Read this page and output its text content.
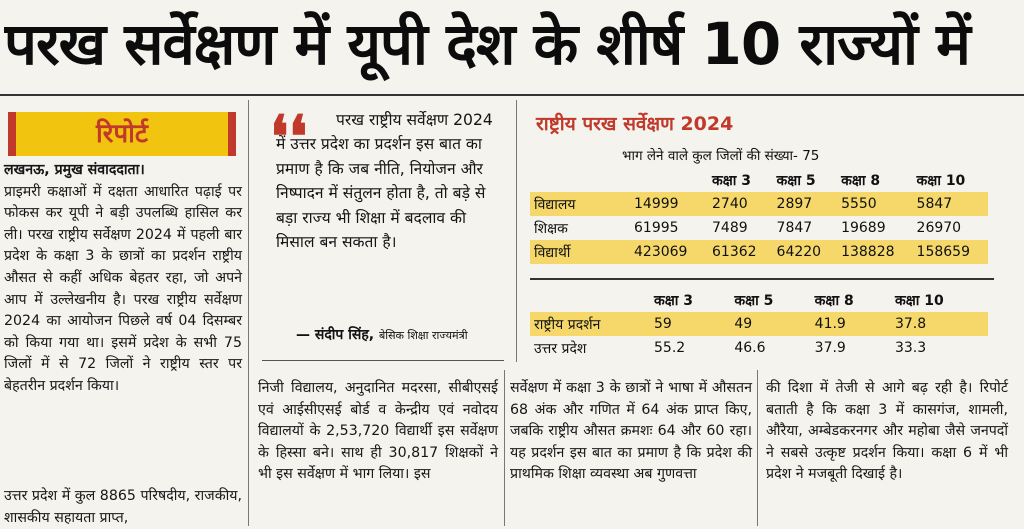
परख सर्वेक्षण में यूपी देश के शीर्ष 10 राज्यों में
रिपोर्ट

लखनऊ, प्रमुख संवाददाता।

प्राइमरी कक्षाओं में दक्षता आधारित पढ़ाई पर फोकस कर यूपी ने बड़ी उपलब्धि हासिल कर ली। परख राष्ट्रीय सर्वेक्षण 2024 में पहली बार प्रदेश के कक्षा 3 के छात्रों का प्रदर्शन राष्ट्रीय औसत से कहीं अधिक बेहतर रहा, जो अपने आप में उल्लेखनीय है। परख राष्ट्रीय सर्वेक्षण 2024 का आयोजन पिछले वर्ष 04 दिसम्बर को किया गया था। इसमें प्रदेश के सभी 75 जिलों में से 72 जिलों ने राष्ट्रीय स्तर पर बेहतरीन प्रदर्शन किया।

उत्तर प्रदेश में कुल 8865 परिषदीय, राजकीय, शासकीय सहायता प्राप्त,

❛❛	परख राष्ट्रीय सर्वेक्षण 2024 में उत्तर प्रदेश का प्रदर्शन इस बात का प्रमाण है कि जब नीति, नियोजन और निष्पादन में संतुलन होता है, तो बड़े से बड़ा राज्य भी शिक्षा में बदलाव की मिसाल बन सकता है।
— संदीप सिंह, बेसिक शिक्षा राज्यमंत्री

निजी विद्यालय, अनुदानित मदरसा, सीबीएसई एवं आईसीएसई बोर्ड व केन्द्रीय एवं नवोदय विद्यालयों के 2,53,720 विद्यार्थी इस सर्वेक्षण के हिस्सा बने। साथ ही 30,817 शिक्षकों ने भी इस सर्वेक्षण में भाग लिया। इस

सर्वेक्षण में कक्षा 3 के छात्रों ने भाषा में औसतन 68 अंक और गणित में 64 अंक प्राप्त किए, जबकि राष्ट्रीय औसत क्रमशः 64 और 60 रहा। यह प्रदर्शन इस बात का प्रमाण है कि प्रदेश की प्राथमिक शिक्षा व्यवस्था अब गुणवत्ता

की दिशा में तेजी से आगे बढ़ रही है। रिपोर्ट बताती है कि कक्षा 3 में कासगंज, शामली, औरैया, अम्बेडकरनगर और महोबा जैसे जनपदों ने सबसे उत्कृष्ट प्रदर्शन किया। कक्षा 6 में भी प्रदेश ने मजबूती दिखाई है।

राष्ट्रीय परख सर्वेक्षण 2024
भाग लेने वाले कुल जिलों की संख्या- 75
		कक्षा 3	कक्षा 5	कक्षा 8	कक्षा 10
विद्यालय	14999	2740	2897	5550	5847
शिक्षक	61995	7489	7847	19689	26970
विद्यार्थी	423069	61362	64220	138828	158659
	कक्षा 3	कक्षा 5	कक्षा 8	कक्षा 10
राष्ट्रीय प्रदर्शन	59	49	41.9	37.8
उत्तर प्रदेश	55.2	46.6	37.9	33.3
